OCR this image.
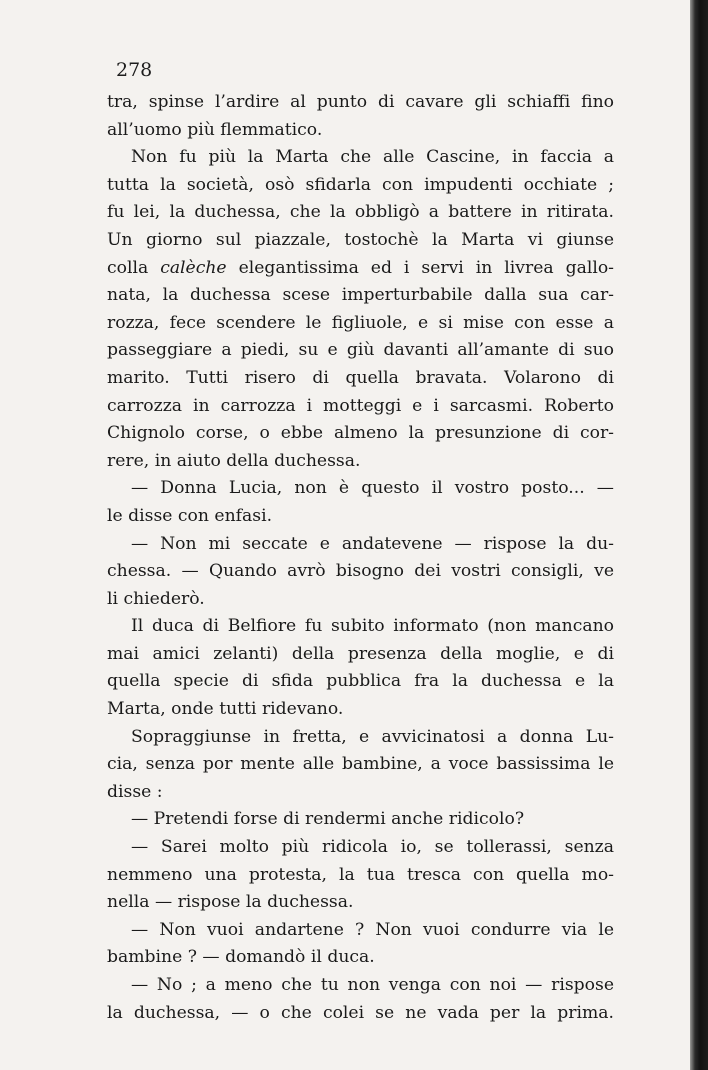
278
tra, spinse l’ardire al punto di cavare gli schiaffi fino
all’uomo più flemmatico.
Non fu più la Marta che alle Cascine, in faccia a
tutta la società, osò sfidarla con impudenti occhiate ;
fu lei, la duchessa, che la obbligò a battere in ritirata.
Un giorno sul piazzale, tostochè la Marta vi giunse
colla calèche elegantissima ed i servi in livrea gallo-
nata, la duchessa scese imperturbabile dalla sua car-
rozza, fece scendere le figliuole, e si mise con esse a
passeggiare a piedi, su e giù davanti all’amante di suo
marito. Tutti risero di quella bravata. Volarono di
carrozza in carrozza i motteggi e i sarcasmi. Roberto
Chignolo corse, o ebbe almeno la presunzione di cor-
rere, in aiuto della duchessa.
— Donna Lucia, non è questo il vostro posto... —
le disse con enfasi.
— Non mi seccate e andatevene — rispose la du-
chessa. — Quando avrò bisogno dei vostri consigli, ve
li chiederò.
Il duca di Belfiore fu subito informato (non mancano
mai amici zelanti) della presenza della moglie, e di
quella specie di sfida pubblica fra la duchessa e la
Marta, onde tutti ridevano.
Sopraggiunse in fretta, e avvicinatosi a donna Lu-
cia, senza por mente alle bambine, a voce bassissima le
disse :
— Pretendi forse di rendermi anche ridicolo?
— Sarei molto più ridicola io, se tollerassi, senza
nemmeno una protesta, la tua tresca con quella mo-
nella — rispose la duchessa.
— Non vuoi andartene ? Non vuoi condurre via le
bambine ? — domandò il duca.
— No ; a meno che tu non venga con noi — rispose
la duchessa, — o che colei se ne vada per la prima.
